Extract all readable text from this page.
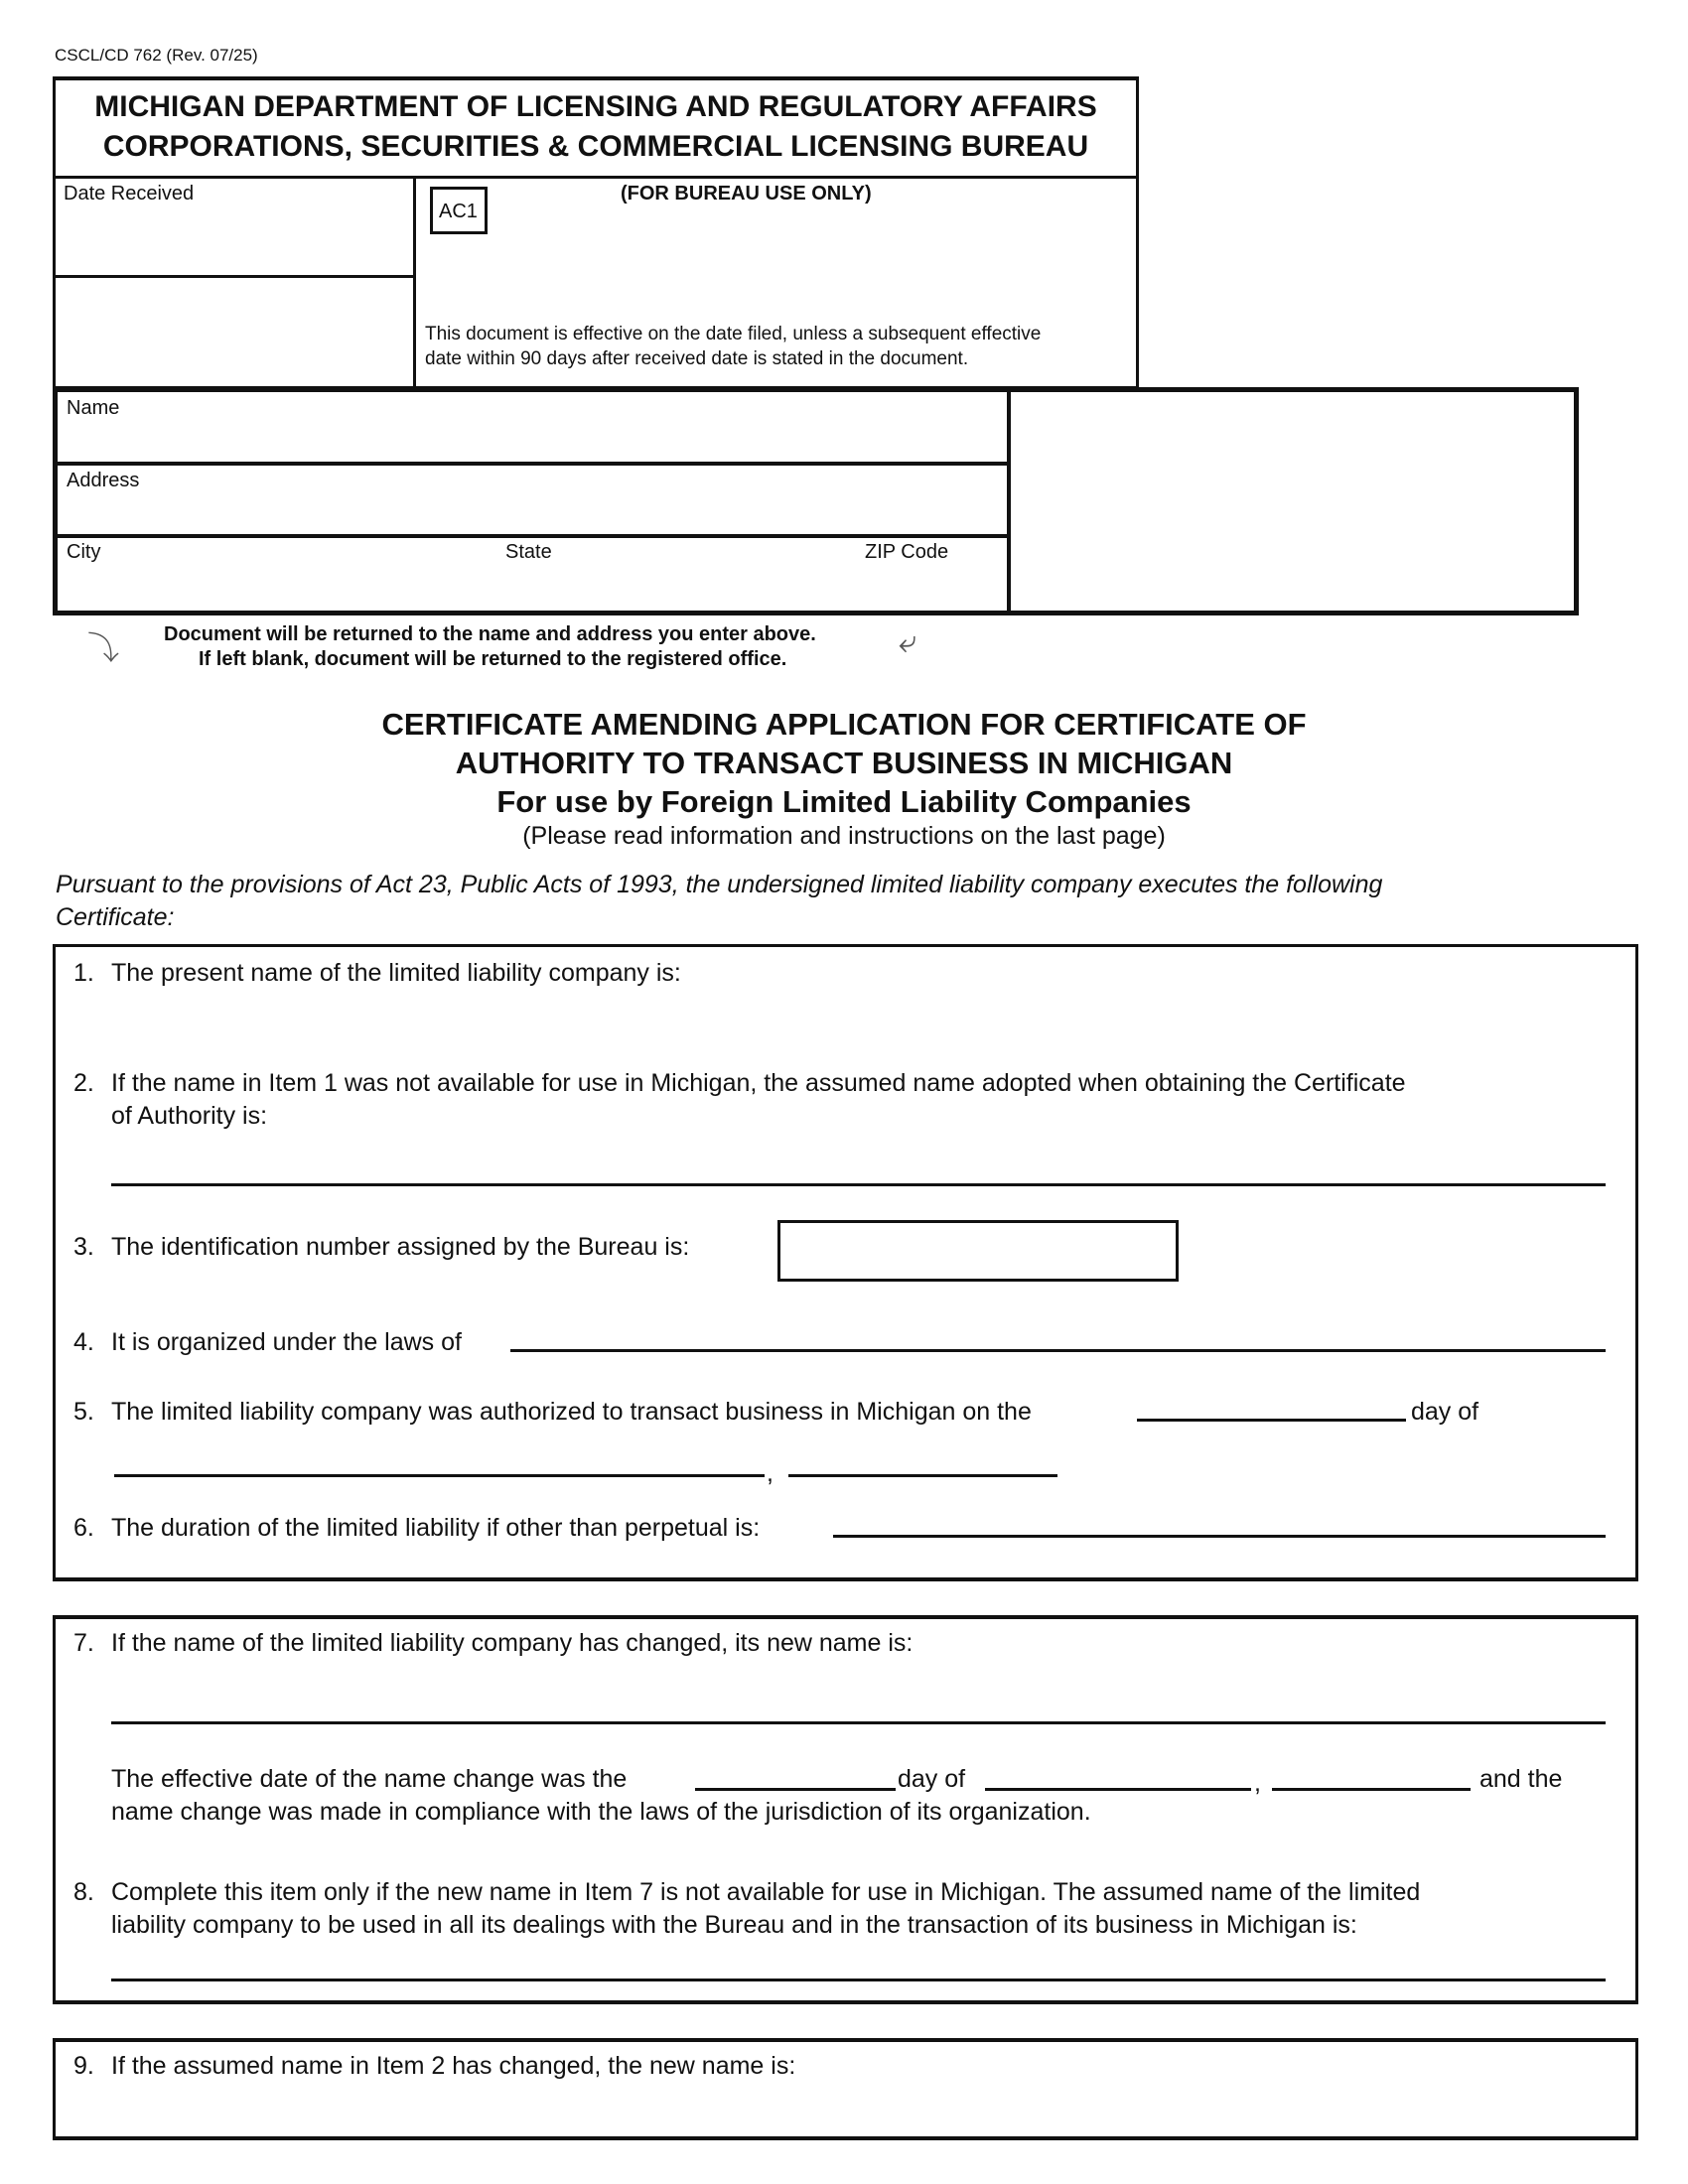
CSCL/CD 762 (Rev. 07/25)
MICHIGAN DEPARTMENT OF LICENSING AND REGULATORY AFFAIRS
CORPORATIONS, SECURITIES & COMMERCIAL LICENSING BUREAU
Date Received
AC1
(FOR BUREAU USE ONLY)
This document is effective on the date filed, unless a subsequent effective
date within 90 days after received date is stated in the document.
Name
Address
City	State	ZIP Code
⤵	⤶
Document will be returned to the name and address you enter above.
If left blank, document will be returned to the registered office.
CERTIFICATE AMENDING APPLICATION FOR CERTIFICATE OF
AUTHORITY TO TRANSACT BUSINESS IN MICHIGAN
For use by Foreign Limited Liability Companies
(Please read information and instructions on the last page)
Pursuant to the provisions of Act 23, Public Acts of 1993, the undersigned limited liability company executes the following
Certificate:
1. The present name of the limited liability company is:
2. If the name in Item 1 was not available for use in Michigan, the assumed name adopted when obtaining the Certificate
of Authority is:
3. The identification number assigned by the Bureau is:
4. It is organized under the laws of
5. The limited liability company was authorized to transact business in Michigan on the	day of
,
6. The duration of the limited liability if other than perpetual is:
7. If the name of the limited liability company has changed, its new name is:
The effective date of the name change was the	day of	,	and the
name change was made in compliance with the laws of the jurisdiction of its organization.
8. Complete this item only if the new name in Item 7 is not available for use in Michigan. The assumed name of the limited
liability company to be used in all its dealings with the Bureau and in the transaction of its business in Michigan is:
9. If the assumed name in Item 2 has changed, the new name is:
